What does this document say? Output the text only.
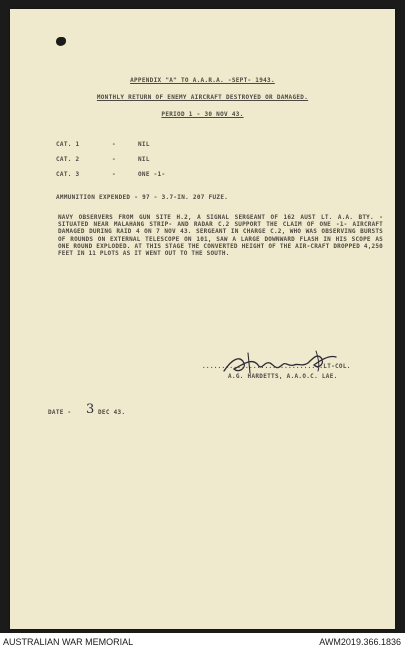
APPENDIX "A" TO A.A.R.A. -SEPT- 1943.
MONTHLY RETURN OF ENEMY AIRCRAFT DESTROYED OR DAMAGED.
PERIOD 1 - 30 NOV 43.
CAT. 1	-	NIL
CAT. 2	-	NIL
CAT. 3	-	ONE -1-
AMMUNITION EXPENDED - 97 - 3.7-IN. 207 FUZE.
NAVY OBSERVERS FROM GUN SITE H.2, A SIGNAL SERGEANT OF 162 AUST LT. A.A. BTY. -SITUATED NEAR MALAHANG STRIP- AND RADAR C.2 SUPPORT THE CLAIM OF ONE -1- AIRCRAFT DAMAGED DURING RAID 4 ON 7 NOV 43. SERGEANT IN CHARGE C.2, WHO WAS OBSERVING BURSTS OF ROUNDS ON EXTERNAL TELESCOPE ON 101, SAW A LARGE DOWNWARD FLASH IN HIS SCOPE AS ONE ROUND EXPLODED. AT THIS STAGE THE CONVERTED HEIGHT OF THE AIR-CRAFT DROPPED 4,250 FEET IN 11 PLOTS AS IT WENT OUT TO THE SOUTH.
...............................LT-COL.
A.G. HARDETTS, A.A.O.C. LAE.
DATE - 3 DEC 43.
AUSTRALIAN WAR MEMORIAL	AWM2019.366.1836
